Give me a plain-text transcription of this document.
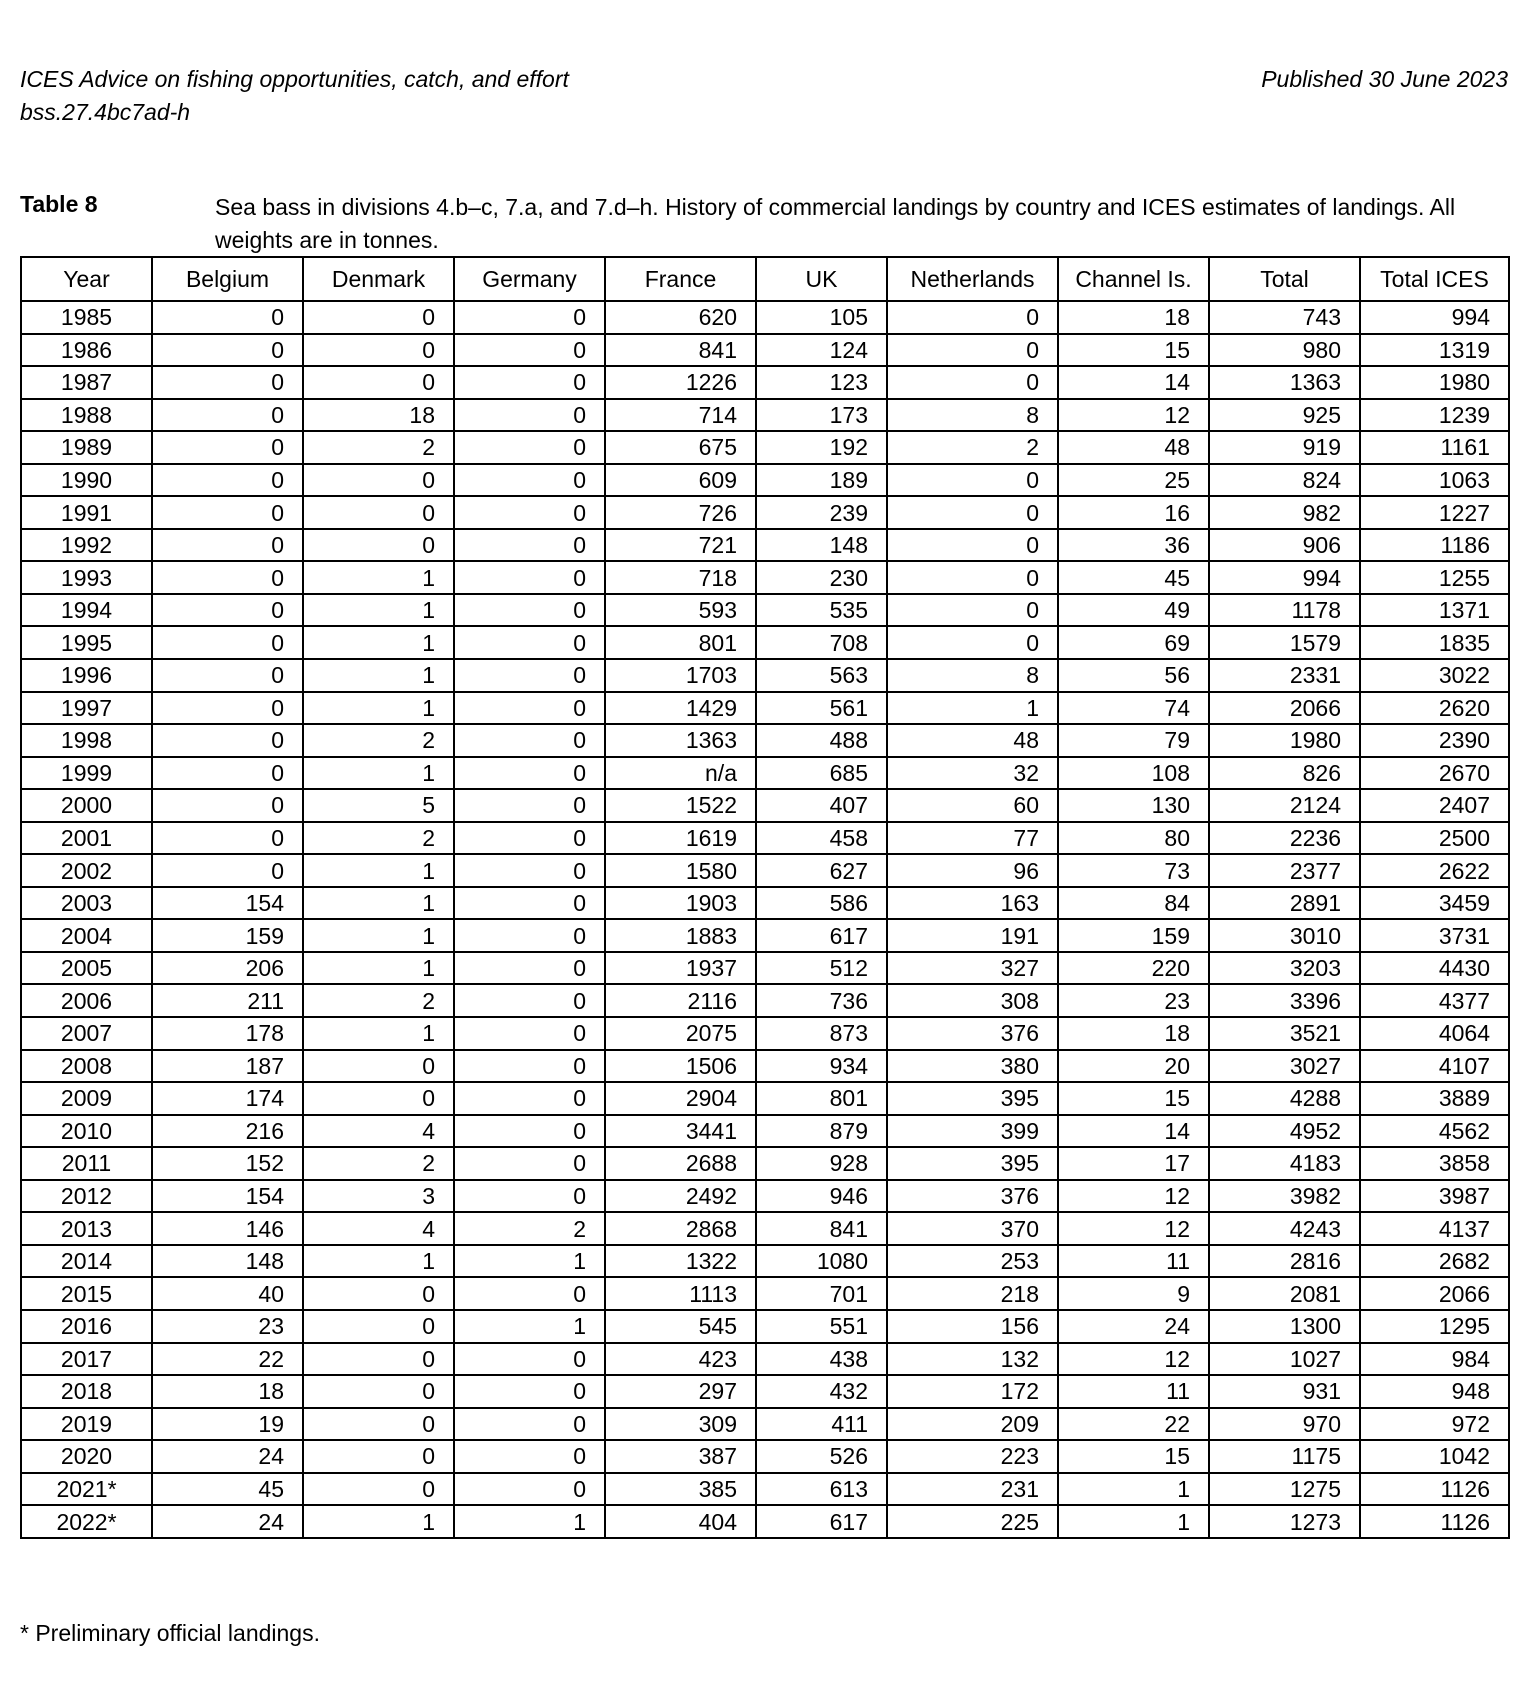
ICES Advice on fishing opportunities, catch, and effort
bss.27.4bc7ad-h
Published 30 June 2023
Table 8	Sea bass in divisions 4.b–c, 7.a, and 7.d–h. History of commercial landings by country and ICES estimates of landings. All weights are in tonnes.
Year	Belgium	Denmark	Germany	France	UK	Netherlands	Channel Is.	Total	Total ICES
1985	0	0	0	620	105	0	18	743	994
1986	0	0	0	841	124	0	15	980	1319
1987	0	0	0	1226	123	0	14	1363	1980
1988	0	18	0	714	173	8	12	925	1239
1989	0	2	0	675	192	2	48	919	1161
1990	0	0	0	609	189	0	25	824	1063
1991	0	0	0	726	239	0	16	982	1227
1992	0	0	0	721	148	0	36	906	1186
1993	0	1	0	718	230	0	45	994	1255
1994	0	1	0	593	535	0	49	1178	1371
1995	0	1	0	801	708	0	69	1579	1835
1996	0	1	0	1703	563	8	56	2331	3022
1997	0	1	0	1429	561	1	74	2066	2620
1998	0	2	0	1363	488	48	79	1980	2390
1999	0	1	0	n/a	685	32	108	826	2670
2000	0	5	0	1522	407	60	130	2124	2407
2001	0	2	0	1619	458	77	80	2236	2500
2002	0	1	0	1580	627	96	73	2377	2622
2003	154	1	0	1903	586	163	84	2891	3459
2004	159	1	0	1883	617	191	159	3010	3731
2005	206	1	0	1937	512	327	220	3203	4430
2006	211	2	0	2116	736	308	23	3396	4377
2007	178	1	0	2075	873	376	18	3521	4064
2008	187	0	0	1506	934	380	20	3027	4107
2009	174	0	0	2904	801	395	15	4288	3889
2010	216	4	0	3441	879	399	14	4952	4562
2011	152	2	0	2688	928	395	17	4183	3858
2012	154	3	0	2492	946	376	12	3982	3987
2013	146	4	2	2868	841	370	12	4243	4137
2014	148	1	1	1322	1080	253	11	2816	2682
2015	40	0	0	1113	701	218	9	2081	2066
2016	23	0	1	545	551	156	24	1300	1295
2017	22	0	0	423	438	132	12	1027	984
2018	18	0	0	297	432	172	11	931	948
2019	19	0	0	309	411	209	22	970	972
2020	24	0	0	387	526	223	15	1175	1042
2021*	45	0	0	385	613	231	1	1275	1126
2022*	24	1	1	404	617	225	1	1273	1126
* Preliminary official landings.
